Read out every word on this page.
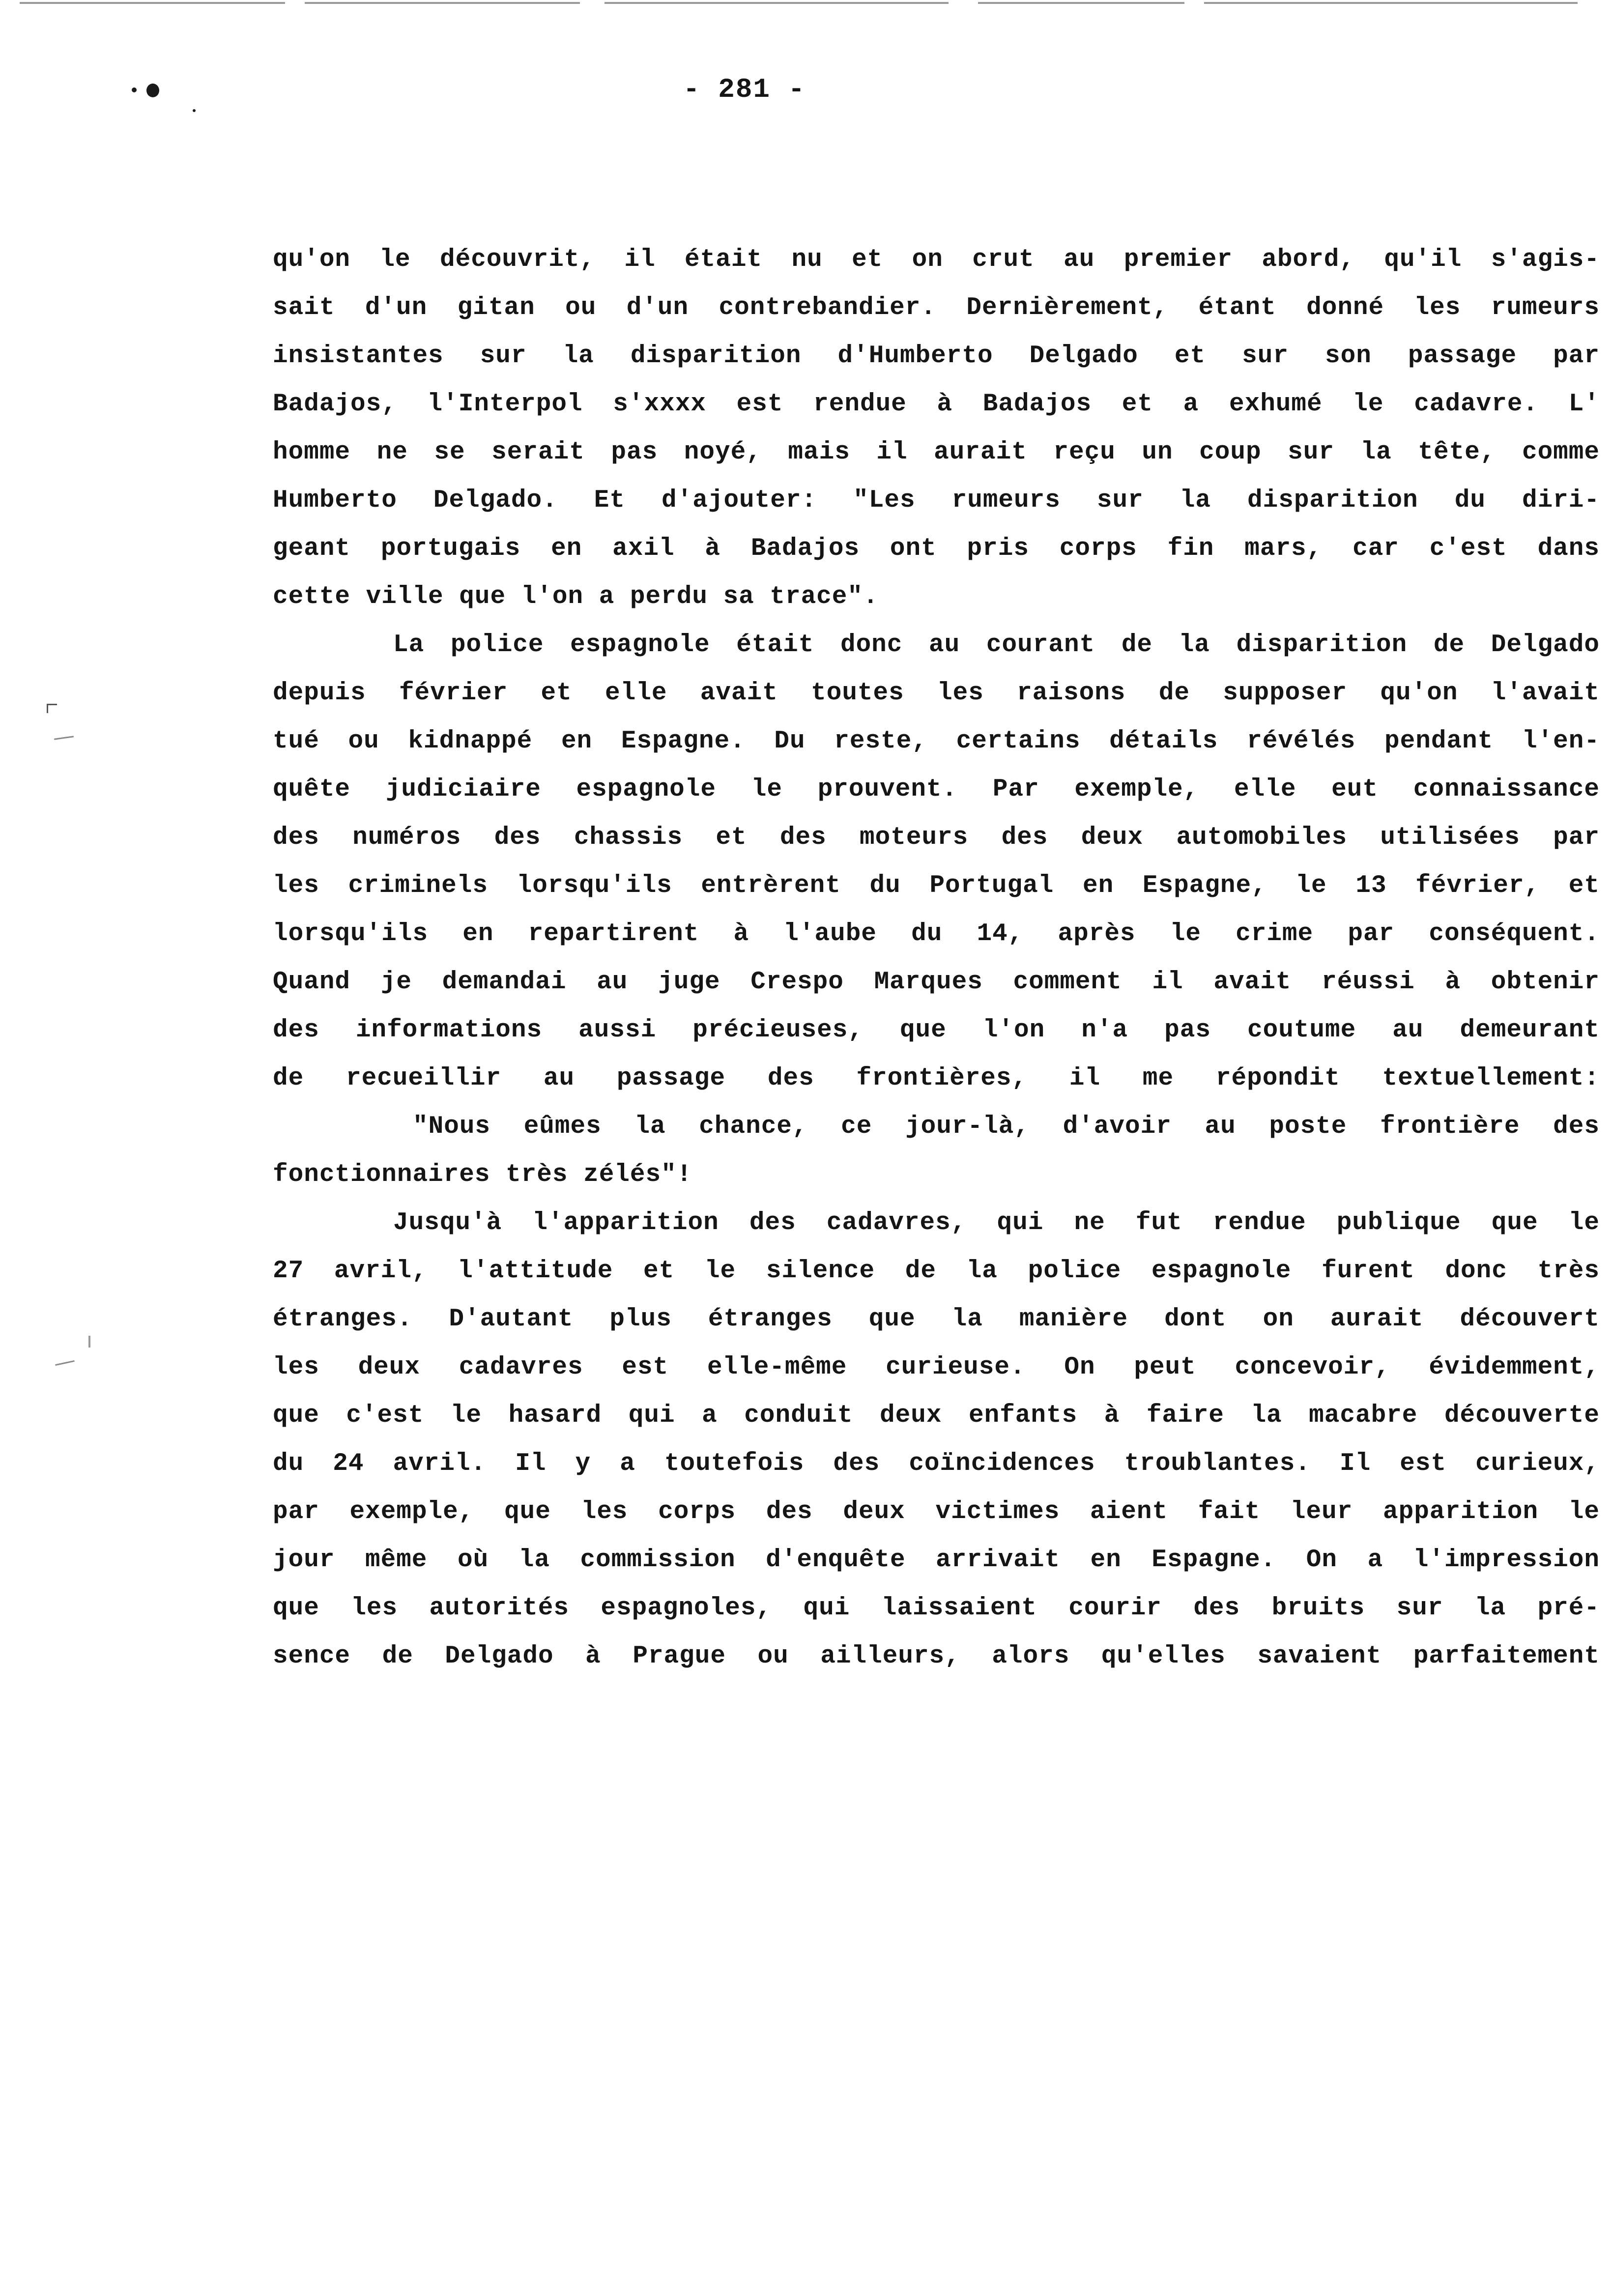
- 281 -
qu'on le découvrit, il était nu et on crut au premier abord, qu'il s'agis-
sait d'un gitan ou d'un contrebandier. Dernièrement, étant donné les rumeurs
insistantes sur la disparition d'Humberto Delgado et sur son passage par
Badajos, l'Interpol s'xxxx est rendue à Badajos et a exhumé le cadavre. L'
homme ne se serait pas noyé, mais il aurait reçu un coup sur la tête, comme
Humberto Delgado. Et d'ajouter: "Les rumeurs sur la disparition du diri-
geant portugais en axil à Badajos ont pris corps fin mars, car c'est dans
cette ville que l'on a perdu sa trace".
La police espagnole était donc au courant de la disparition de Delgado
depuis février et elle avait toutes les raisons de supposer qu'on l'avait
tué ou kidnappé en Espagne. Du reste, certains détails révélés pendant l'en-
quête judiciaire espagnole le prouvent. Par exemple, elle eut connaissance
des numéros des chassis et des moteurs des deux automobiles utilisées par
les criminels lorsqu'ils entrèrent du Portugal en Espagne, le 13 février, et
lorsqu'ils en repartirent à l'aube du 14, après le crime par conséquent.
Quand je demandai au juge Crespo Marques comment il avait réussi à obtenir
des informations aussi précieuses, que l'on n'a pas coutume au demeurant
de recueillir au passage des frontières, il me répondit textuellement:
"Nous eûmes la chance, ce jour-là, d'avoir au poste frontière des
fonctionnaires très zélés"!
Jusqu'à l'apparition des cadavres, qui ne fut rendue publique que le
27 avril, l'attitude et le silence de la police espagnole furent donc très
étranges. D'autant plus étranges que la manière dont on aurait découvert
les deux cadavres est elle-même curieuse. On peut concevoir, évidemment,
que c'est le hasard qui a conduit deux enfants à faire la macabre découverte
du 24 avril. Il y a toutefois des coïncidences troublantes. Il est curieux,
par exemple, que les corps des deux victimes aient fait leur apparition le
jour même où la commission d'enquête arrivait en Espagne. On a l'impression
que les autorités espagnoles, qui laissaient courir des bruits sur la pré-
sence de Delgado à Prague ou ailleurs, alors qu'elles savaient parfaitement
